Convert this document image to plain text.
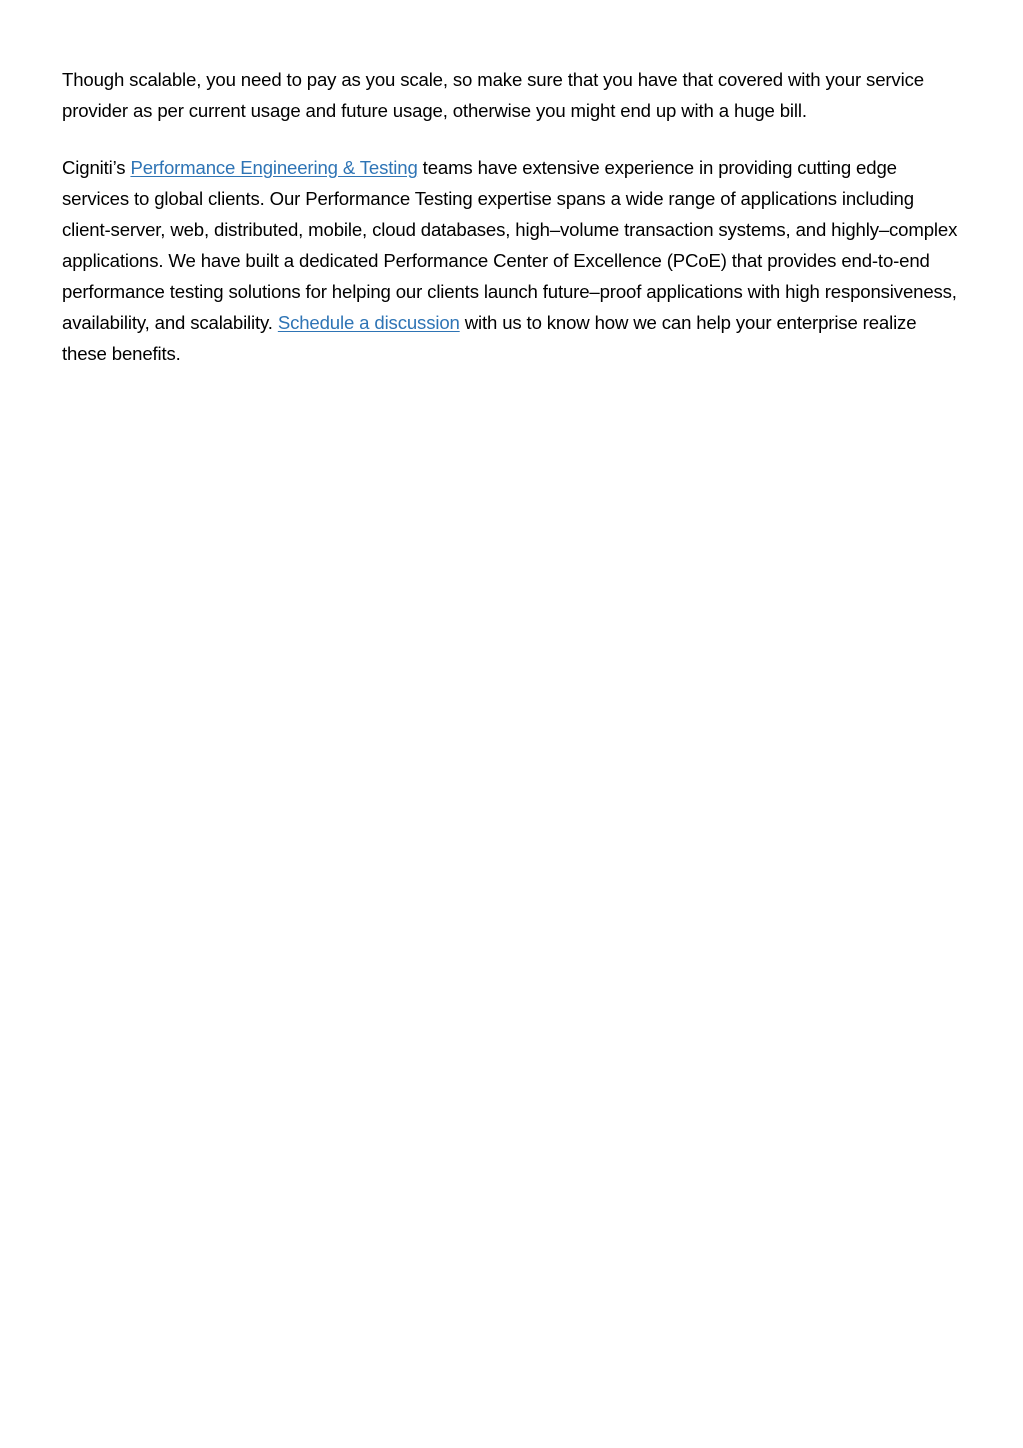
Though scalable, you need to pay as you scale, so make sure that you have that covered with your service provider as per current usage and future usage, otherwise you might end up with a huge bill.

Cigniti’s Performance Engineering & Testing teams have extensive experience in providing cutting edge services to global clients. Our Performance Testing expertise spans a wide range of applications including client-server, web, distributed, mobile, cloud databases, high–volume transaction systems, and highly–complex applications. We have built a dedicated Performance Center of Excellence (PCoE) that provides end-to-end performance testing solutions for helping our clients launch future–proof applications with high responsiveness, availability, and scalability. Schedule a discussion with us to know how we can help your enterprise realize these benefits.
